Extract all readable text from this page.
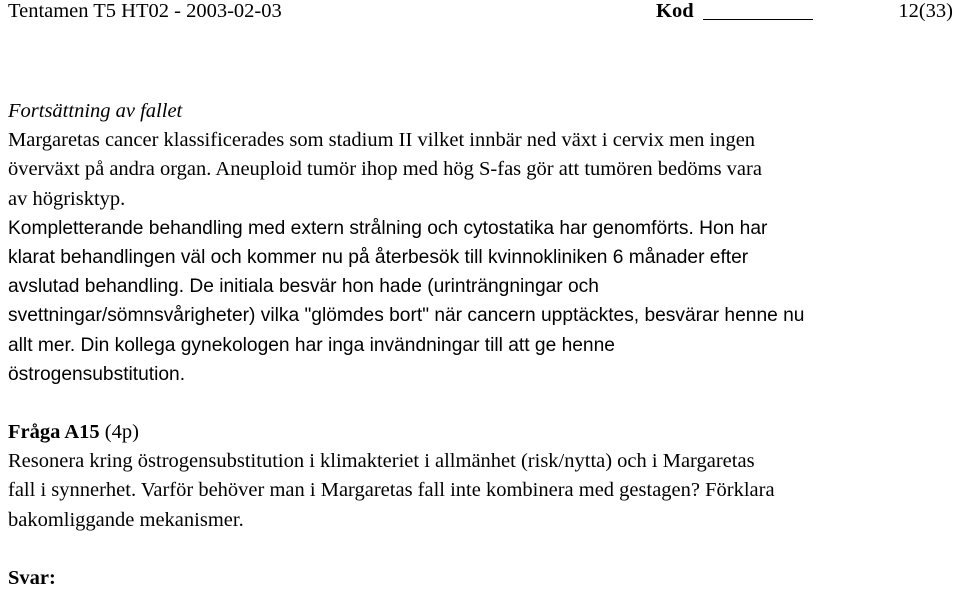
Tentamen T5 HT02 - 2003-02-03	Kod	12(33)
Fortsättning av fallet
Margaretas cancer klassificerades som stadium II vilket innbär ned växt i cervix men ingen
överväxt på andra organ. Aneuploid tumör ihop med hög S-fas gör att tumören bedöms vara
av högrisktyp.
Kompletterande behandling med extern strålning och cytostatika har genomförts. Hon har
klarat behandlingen väl och kommer nu på återbesök till kvinnokliniken 6 månader efter
avslutad behandling. De initiala besvär hon hade (urinträngningar och
svettningar/sömnsvårigheter) vilka "glömdes bort" när cancern upptäcktes, besvärar henne nu
allt mer. Din kollega gynekologen har inga invändningar till att ge henne
östrogensubstitution.
Fråga A15 (4p)
Resonera kring östrogensubstitution i klimakteriet i allmänhet (risk/nytta) och i Margaretas
fall i synnerhet. Varför behöver man i Margaretas fall inte kombinera med gestagen? Förklara
bakomliggande mekanismer.
Svar:
